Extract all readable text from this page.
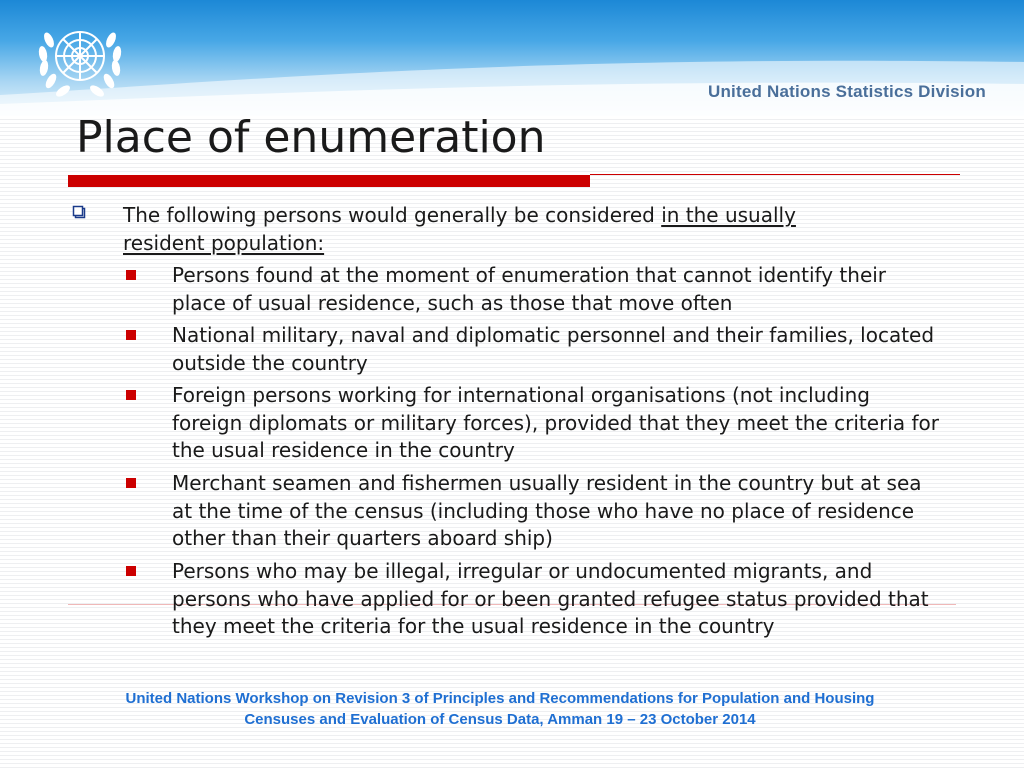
United Nations Statistics Division
Place of enumeration
The following persons would generally be considered in the usually
resident population:
Persons found at the moment of enumeration that cannot identify their place of usual residence, such as those that move often
National military, naval and diplomatic personnel and their families, located outside the country
Foreign persons working for international organisations (not including foreign diplomats or military forces), provided that they meet the criteria for the usual residence in the country
Merchant seamen and fishermen usually resident in the country but at sea at the time of the census (including those who have no place of residence other than their quarters aboard ship)
Persons who may be illegal, irregular or undocumented migrants, and persons who have applied for or been granted refugee status provided that they meet the criteria for the usual residence in the country
United Nations Workshop on Revision 3 of Principles and Recommendations for Population and Housing
Censuses and Evaluation of Census Data, Amman 19 – 23 October 2014
